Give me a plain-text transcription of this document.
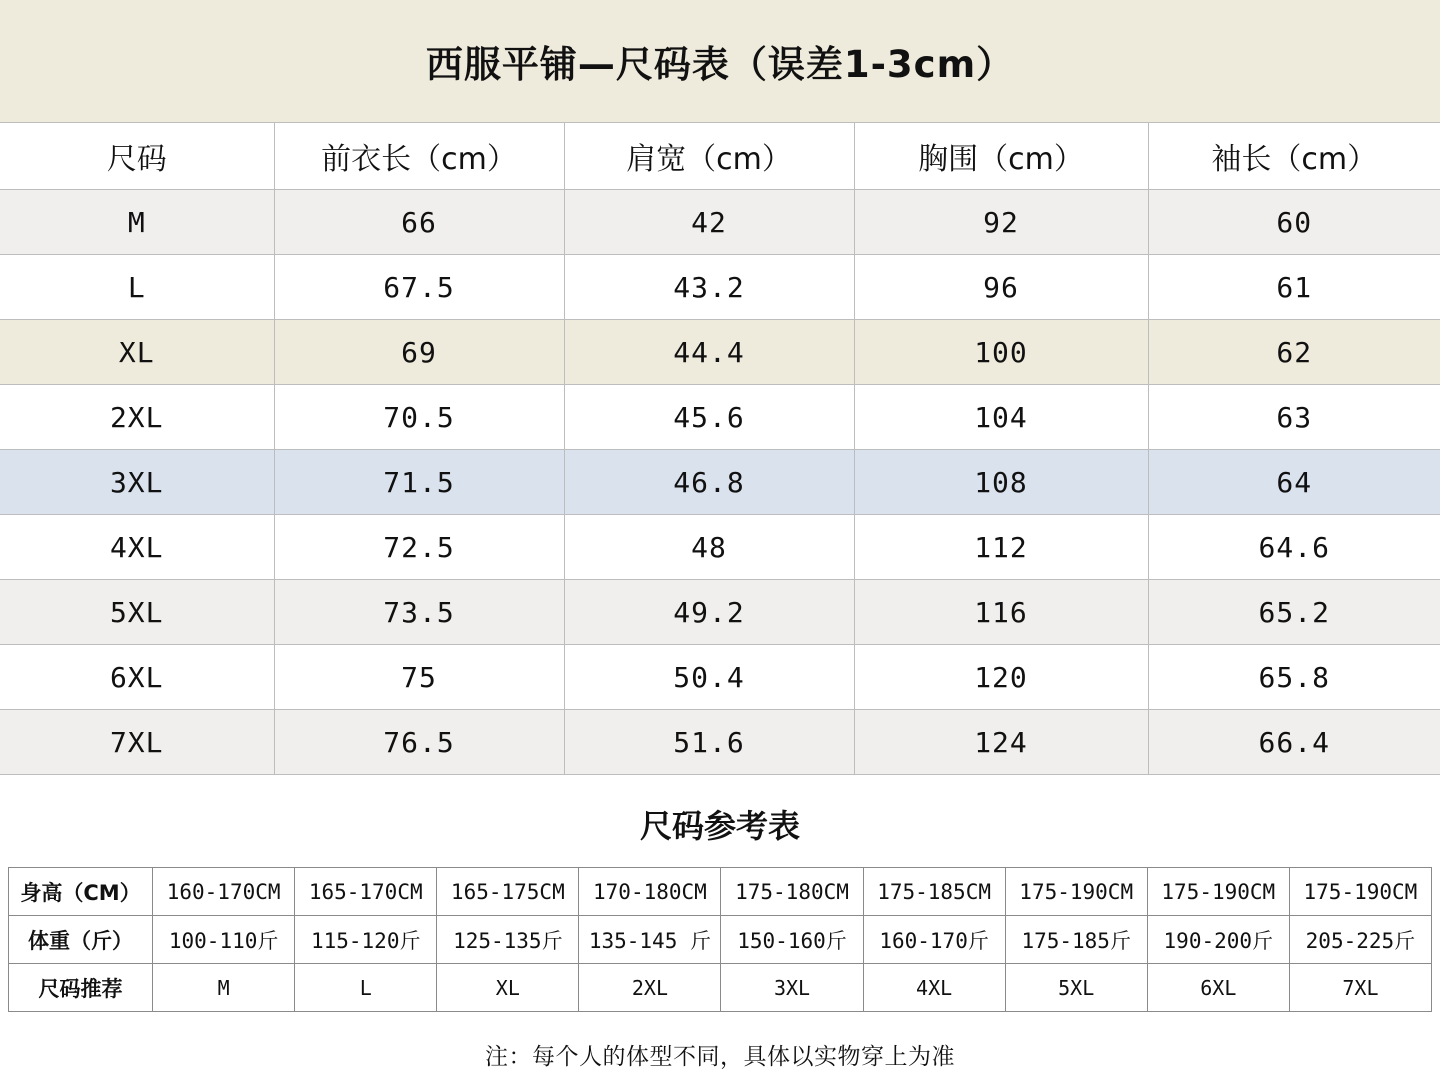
西服平铺—尺码表（误差1-3cm）
尺码	前衣长（cm）	肩宽（cm）	胸围（cm）	袖长（cm）
M	66	42	92	60
L	67.5	43.2	96	61
XL	69	44.4	100	62
2XL	70.5	45.6	104	63
3XL	71.5	46.8	108	64
4XL	72.5	48	112	64.6
5XL	73.5	49.2	116	65.2
6XL	75	50.4	120	65.8
7XL	76.5	51.6	124	66.4
尺码参考表
身高（CM）	160-170CM	165-170CM	165-175CM	170-180CM	175-180CM	175-185CM	175-190CM	175-190CM	175-190CM
体重（斤）	100-110斤	115-120斤	125-135斤	135-145 斤	150-160斤	160-170斤	175-185斤	190-200斤	205-225斤
尺码推荐	M	L	XL	2XL	3XL	4XL	5XL	6XL	7XL
注：每个人的体型不同，具体以实物穿上为准
